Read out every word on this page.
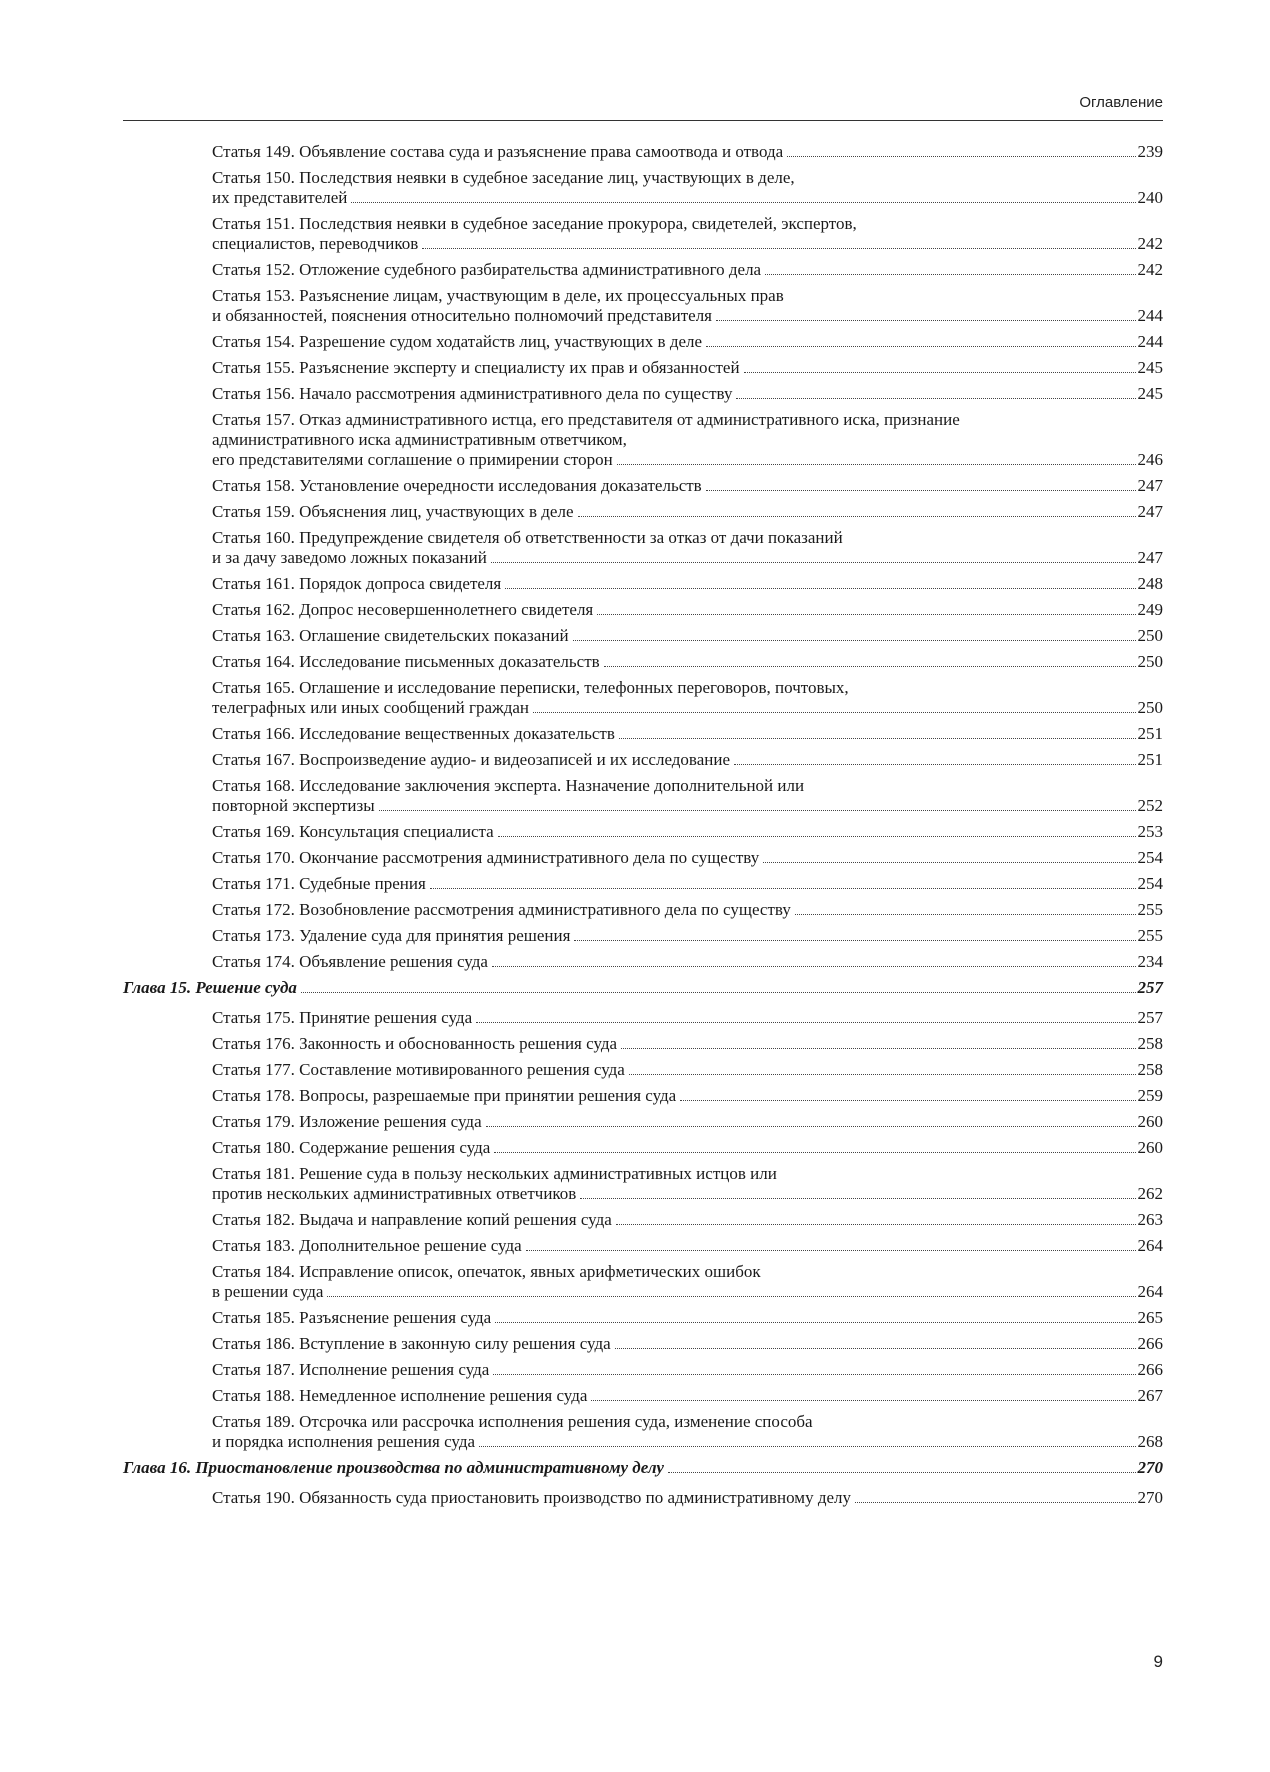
Оглавление
Статья 149. Объявление состава суда и разъяснение права самоотвода и отвода	239
Статья 150. Последствия неявки в судебное заседание лиц, участвующих в деле,
их представителей	240
Статья 151. Последствия неявки в судебное заседание прокурора, свидетелей, экспертов,
специалистов, переводчиков	242
Статья 152. Отложение судебного разбирательства административного дела	242
Статья 153. Разъяснение лицам, участвующим в деле, их процессуальных прав
и обязанностей, пояснения относительно полномочий представителя	244
Статья 154. Разрешение судом ходатайств лиц, участвующих в деле	244
Статья 155. Разъяснение эксперту и специалисту их прав и обязанностей	245
Статья 156. Начало рассмотрения административного дела по существу	245
Статья 157. Отказ административного истца, его представителя от административного иска, признание
административного иска административным ответчиком,
его представителями соглашение о примирении сторон	246
Статья 158. Установление очередности исследования доказательств	247
Статья 159. Объяснения лиц, участвующих в деле	247
Статья 160. Предупреждение свидетеля об ответственности за отказ от дачи показаний
и за дачу заведомо ложных показаний	247
Статья 161. Порядок допроса свидетеля	248
Статья 162. Допрос несовершеннолетнего свидетеля	249
Статья 163. Оглашение свидетельских показаний	250
Статья 164. Исследование письменных доказательств	250
Статья 165. Оглашение и исследование переписки, телефонных переговоров, почтовых,
телеграфных или иных сообщений граждан	250
Статья 166. Исследование вещественных доказательств	251
Статья 167. Воспроизведение аудио- и видеозаписей и их исследование	251
Статья 168. Исследование заключения эксперта. Назначение дополнительной или
повторной экспертизы	252
Статья 169. Консультация специалиста	253
Статья 170. Окончание рассмотрения административного дела по существу	254
Статья 171. Судебные прения	254
Статья 172. Возобновление рассмотрения административного дела по существу	255
Статья 173. Удаление суда для принятия решения	255
Статья 174. Объявление решения суда	234
Глава 15. Решение суда	257
Статья 175. Принятие решения суда	257
Статья 176. Законность и обоснованность решения суда	258
Статья 177. Составление мотивированного решения суда	258
Статья 178. Вопросы, разрешаемые при принятии решения суда	259
Статья 179. Изложение решения суда	260
Статья 180. Содержание решения суда	260
Статья 181. Решение суда в пользу нескольких административных истцов или
против нескольких административных ответчиков	262
Статья 182. Выдача и направление копий решения суда	263
Статья 183. Дополнительное решение суда	264
Статья 184. Исправление описок, опечаток, явных арифметических ошибок
в решении суда	264
Статья 185. Разъяснение решения суда	265
Статья 186. Вступление в законную силу решения суда	266
Статья 187. Исполнение решения суда	266
Статья 188. Немедленное исполнение решения суда	267
Статья 189. Отсрочка или рассрочка исполнения решения суда, изменение способа
и порядка исполнения решения суда	268
Глава 16. Приостановление производства по административному делу	270
Статья 190. Обязанность суда приостановить производство по административному делу	270
9
